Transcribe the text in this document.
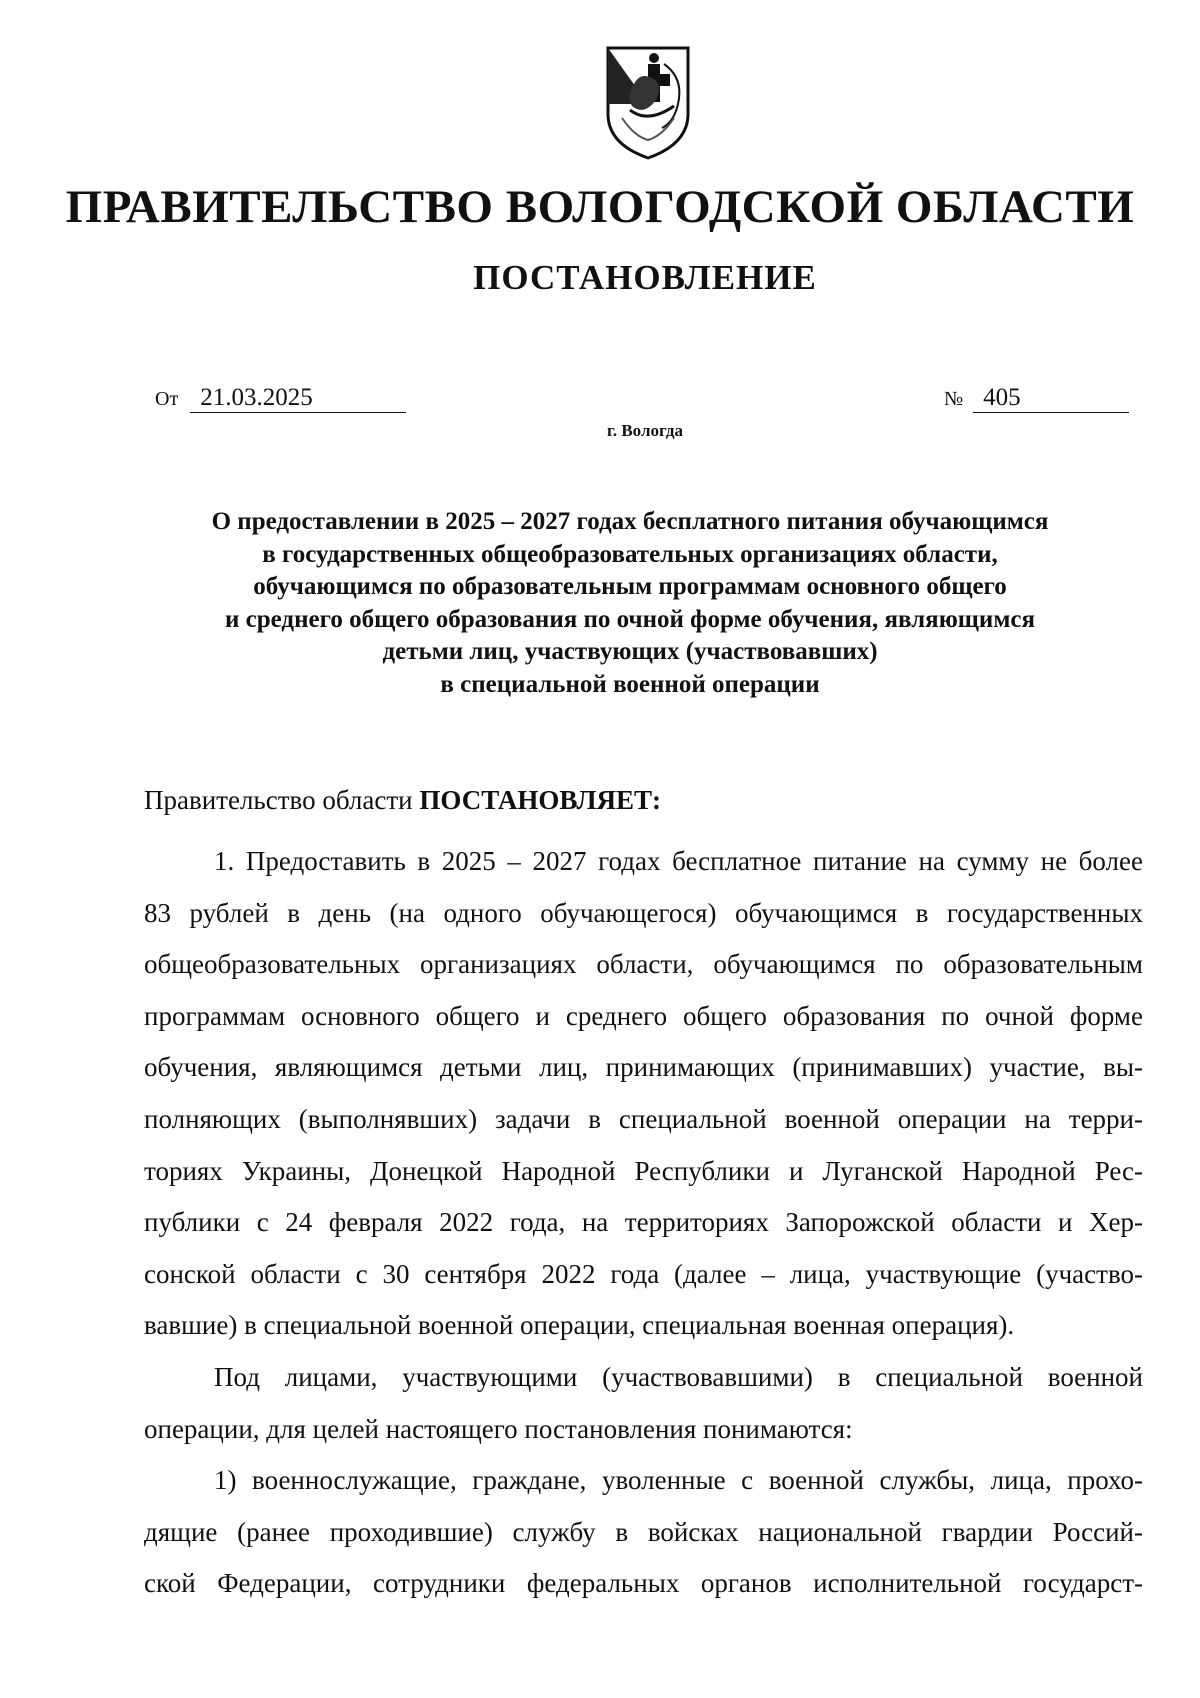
ПРАВИТЕЛЬСТВО ВОЛОГОДСКОЙ ОБЛАСТИ
ПОСТАНОВЛЕНИЕ
От 21.03.2025	№ 405
г. Вологда
О предоставлении в 2025 – 2027 годах бесплатного питания обучающимся
в государственных общеобразовательных организациях области,
обучающимся по образовательным программам основного общего
и среднего общего образования по очной форме обучения, являющимся
детьми лиц, участвующих (участвовавших)
в специальной военной операции
Правительство области ПОСТАНОВЛЯЕТ:
1. Предоставить в 2025 – 2027 годах бесплатное питание на сумму не более
83 рублей в день (на одного обучающегося) обучающимся в государственных
общеобразовательных организациях области, обучающимся по образовательным
программам основного общего и среднего общего образования по очной форме
обучения, являющимся детьми лиц, принимающих (принимавших) участие, вы-
полняющих (выполнявших) задачи в специальной военной операции на терри-
ториях Украины, Донецкой Народной Республики и Луганской Народной Рес-
публики с 24 февраля 2022 года, на территориях Запорожской области и Хер-
сонской области с 30 сентября 2022 года (далее – лица, участвующие (участво-
вавшие) в специальной военной операции, специальная военная операция).
Под лицами, участвующими (участвовавшими) в специальной военной
операции, для целей настоящего постановления понимаются:
1) военнослужащие, граждане, уволенные с военной службы, лица, прохо-
дящие (ранее проходившие) службу в войсках национальной гвардии Россий-
ской Федерации, сотрудники федеральных органов исполнительной государст-
